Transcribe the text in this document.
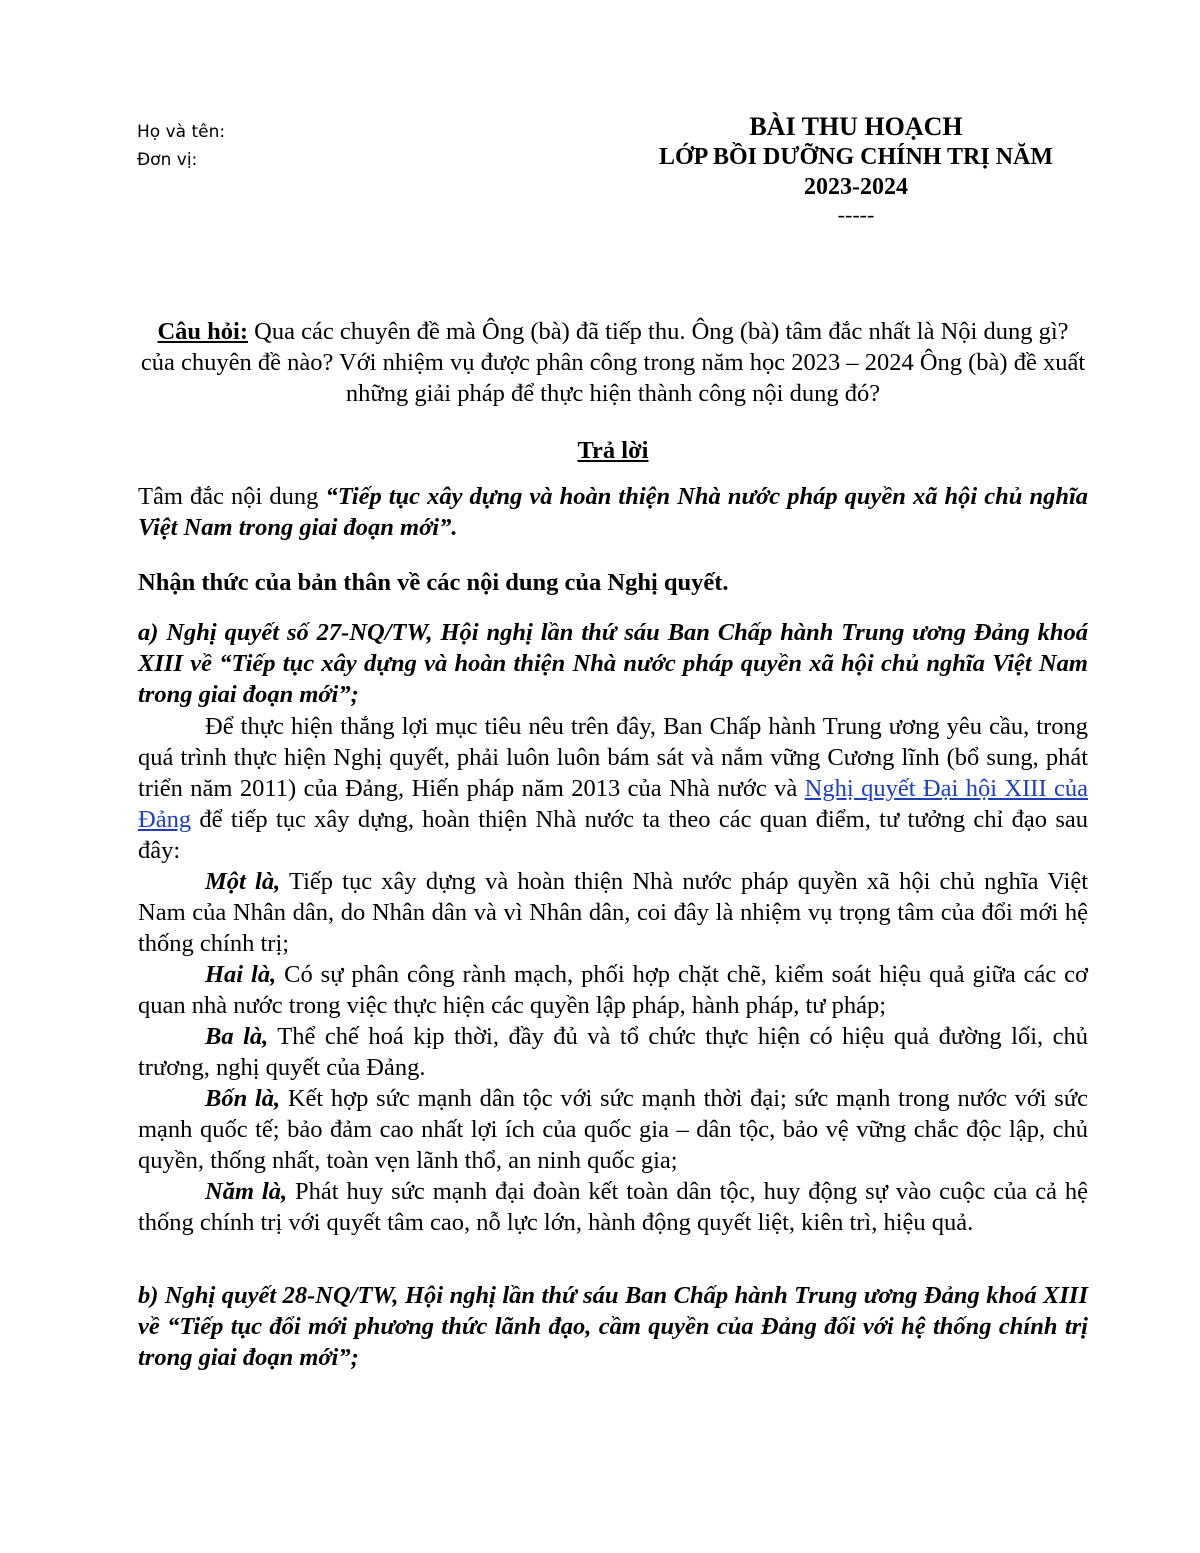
Họ và tên:
Đơn vị:
BÀI THU HOẠCH
LỚP BỒI DƯỠNG CHÍNH TRỊ NĂM
2023-2024
-----
Câu hỏi: Qua các chuyên đề mà Ông (bà) đã tiếp thu. Ông (bà) tâm đắc nhất là Nội dung gì? của chuyên đề nào? Với nhiệm vụ được phân công trong năm học 2023 – 2024 Ông (bà) đề xuất những giải pháp để thực hiện thành công nội dung đó?
Trả lời
Tâm đắc nội dung “Tiếp tục xây dựng và hoàn thiện Nhà nước pháp quyền xã hội chủ nghĩa Việt Nam trong giai đoạn mới”.
Nhận thức của bản thân về các nội dung của Nghị quyết.
a) Nghị quyết số 27-NQ/TW, Hội nghị lần thứ sáu Ban Chấp hành Trung ương Đảng khoá XIII về “Tiếp tục xây dựng và hoàn thiện Nhà nước pháp quyền xã hội chủ nghĩa Việt Nam trong giai đoạn mới”;

Để thực hiện thắng lợi mục tiêu nêu trên đây, Ban Chấp hành Trung ương yêu cầu, trong quá trình thực hiện Nghị quyết, phải luôn luôn bám sát và nắm vững Cương lĩnh (bổ sung, phát triển năm 2011) của Đảng, Hiến pháp năm 2013 của Nhà nước và Nghị quyết Đại hội XIII của Đảng để tiếp tục xây dựng, hoàn thiện Nhà nước ta theo các quan điểm, tư tưởng chỉ đạo sau đây:

Một là, Tiếp tục xây dựng và hoàn thiện Nhà nước pháp quyền xã hội chủ nghĩa Việt Nam của Nhân dân, do Nhân dân và vì Nhân dân, coi đây là nhiệm vụ trọng tâm của đổi mới hệ thống chính trị;

Hai là, Có sự phân công rành mạch, phối hợp chặt chẽ, kiểm soát hiệu quả giữa các cơ quan nhà nước trong việc thực hiện các quyền lập pháp, hành pháp, tư pháp;

Ba là, Thể chế hoá kịp thời, đầy đủ và tổ chức thực hiện có hiệu quả đường lối, chủ trương, nghị quyết của Đảng.

Bốn là, Kết hợp sức mạnh dân tộc với sức mạnh thời đại; sức mạnh trong nước với sức mạnh quốc tế; bảo đảm cao nhất lợi ích của quốc gia – dân tộc, bảo vệ vững chắc độc lập, chủ quyền, thống nhất, toàn vẹn lãnh thổ, an ninh quốc gia;

Năm là, Phát huy sức mạnh đại đoàn kết toàn dân tộc, huy động sự vào cuộc của cả hệ thống chính trị với quyết tâm cao, nỗ lực lớn, hành động quyết liệt, kiên trì, hiệu quả.

b) Nghị quyết 28-NQ/TW, Hội nghị lần thứ sáu Ban Chấp hành Trung ương Đảng khoá XIII về “Tiếp tục đổi mới phương thức lãnh đạo, cầm quyền của Đảng đối với hệ thống chính trị trong giai đoạn mới”;
